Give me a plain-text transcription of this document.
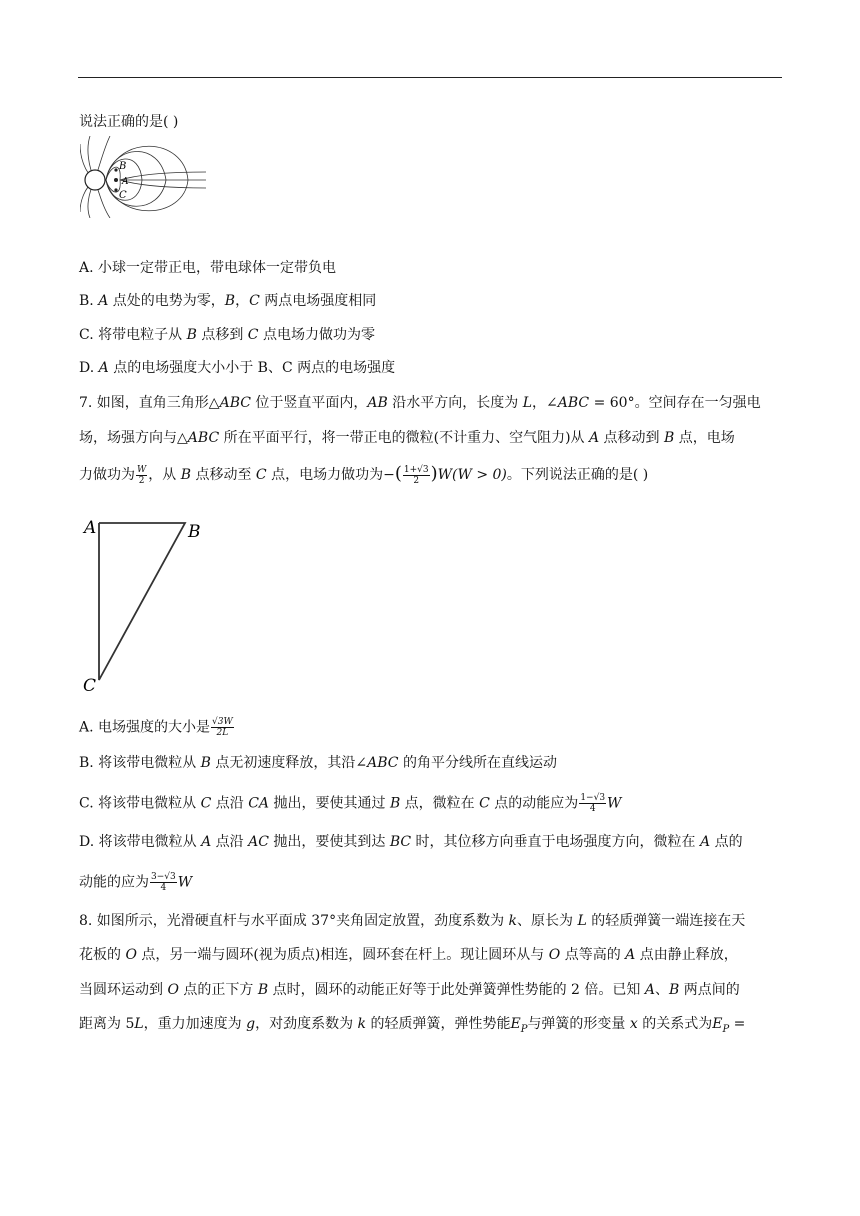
说法正确的是( )
B
A
C
A. 小球一定带正电，带电球体一定带负电
B. A 点处的电势为零，B，C 两点电场强度相同
C. 将带电粒子从 B 点移到 C 点电场力做功为零
D. A 点的电场强度大小小于 B、C 两点的电场强度
7. 如图，直角三角形△ABC 位于竖直平面内，AB 沿水平方向，长度为 L，∠ABC = 60°。空间存在一匀强电
场，场强方向与△ABC 所在平面平行，将一带正电的微粒(不计重力、空气阻力)从 A 点移动到 B 点，电场
力做功为 $\frac{W}{2}$ ，从 B 点移动至 C 点，电场力做功为−( $\frac{1+√3}{2} )W(W > 0)$。下列说法正确的是( )
A	B
C
A. 电场强度的大小是 $\frac{√3W}{2L}$
B. 将该带电微粒从 B 点无初速度释放，其沿∠ABC 的角平分线所在直线运动
C. 将该带电微粒从 C 点沿 CA 抛出，要使其通过 B 点，微粒在 C 点的动能应为 $\frac{1-√3}{4}$ W
D. 将该带电微粒从 A 点沿 AC 抛出，要使其到达 BC 时，其位移方向垂直于电场强度方向，微粒在 A 点的
动能的应为 $\frac{3-√3}{4}$ W
8. 如图所示，光滑硬直杆与水平面成 37°夹角固定放置，劲度系数为 k、原长为 L 的轻质弹簧一端连接在天
花板的 O 点，另一端与圆环(视为质点)相连，圆环套在杆上。现让圆环从与 O 点等高的 A 点由静止释放，
当圆环运动到 O 点的正下方 B 点时，圆环的动能正好等于此处弹簧弹性势能的 2 倍。已知 A、B 两点间的
距离为 5L，重力加速度为 g，对劲度系数为 k 的轻质弹簧，弹性势能$E_P$与弹簧的形变量 x 的关系式为$E_P$ =
